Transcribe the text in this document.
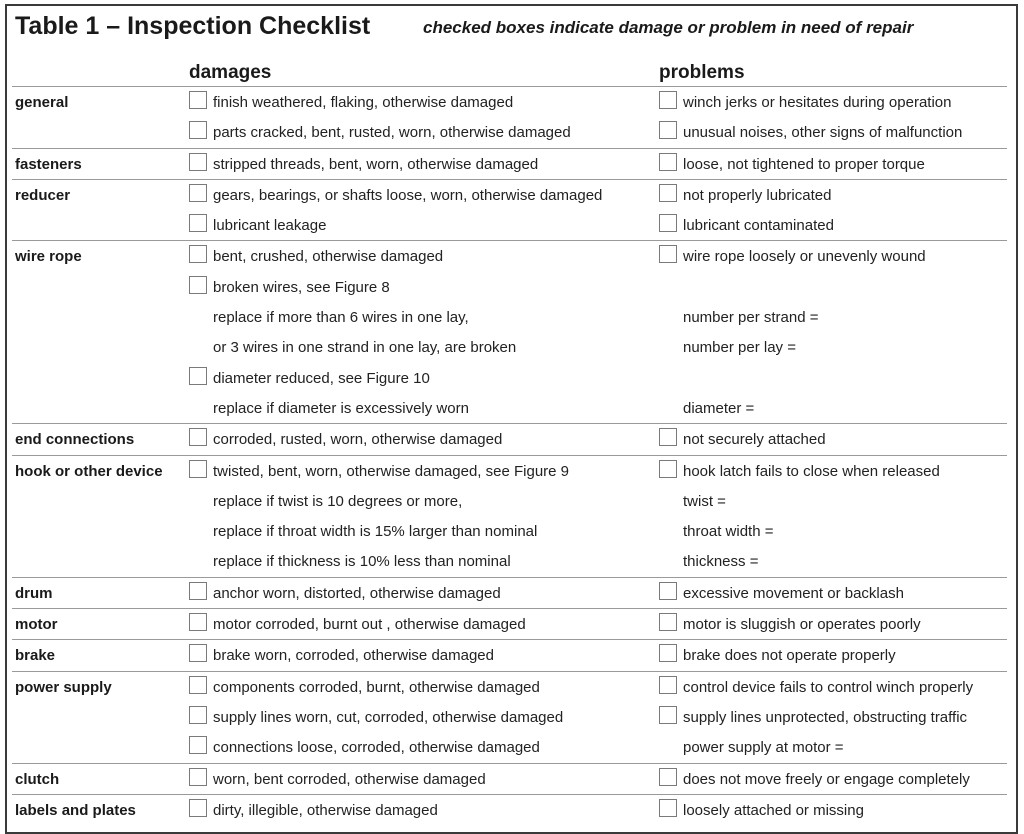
Table 1 – Inspection Checklist	checked boxes indicate damage or problem in need of repair
damages	problems
general	finish weathered, flaking, otherwise damaged	winch jerks or hesitates during operation
parts cracked, bent, rusted, worn, otherwise damaged	unusual noises, other signs of malfunction
fasteners	stripped threads, bent, worn, otherwise damaged	loose, not tightened to proper torque
reducer	gears, bearings, or shafts loose, worn, otherwise damaged	not properly lubricated
lubricant leakage	lubricant contaminated
wire rope	bent, crushed, otherwise damaged	wire rope loosely or unevenly wound
broken wires, see Figure 8
replace if more than 6 wires in one lay,	number per strand =
or 3 wires in one strand in one lay, are broken	number per lay =
diameter reduced, see Figure 10
replace if diameter is excessively worn	diameter =
end connections	corroded, rusted, worn, otherwise damaged	not securely attached
hook or other device	twisted, bent, worn, otherwise damaged, see Figure 9	hook latch fails to close when released
replace if twist is 10 degrees or more,	twist =
replace if throat width is 15% larger than nominal	throat width =
replace if thickness is 10% less than nominal	thickness =
drum	anchor worn, distorted, otherwise damaged	excessive movement or backlash
motor	motor corroded, burnt out , otherwise damaged	motor is sluggish or operates poorly
brake	brake worn, corroded, otherwise damaged	brake does not operate properly
power supply	components corroded, burnt, otherwise damaged	control device fails to control winch properly
supply lines worn, cut, corroded, otherwise damaged	supply lines unprotected, obstructing traffic
connections loose, corroded, otherwise damaged	power supply at motor =
clutch	worn, bent corroded, otherwise damaged	does not move freely or engage completely
labels and plates	dirty, illegible, otherwise damaged	loosely attached or missing
